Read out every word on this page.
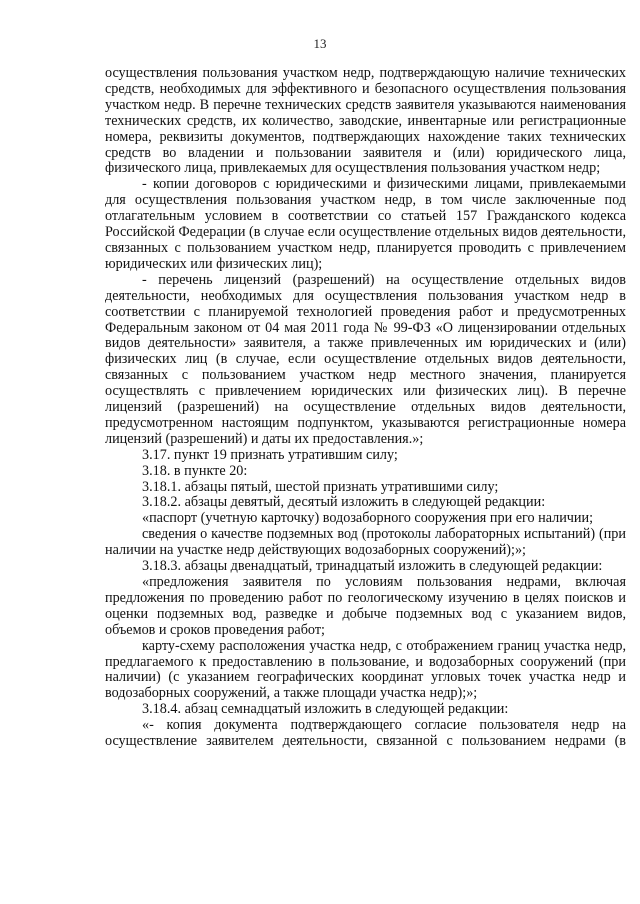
13

осуществления пользования участком недр, подтверждающую наличие технических средств, необходимых для эффективного и безопасного осуществления пользования участком недр. В перечне технических средств заявителя указываются наименования технических средств, их количество, заводские, инвентарные или регистрационные номера, реквизиты документов, подтверждающих нахождение таких технических средств во владении и пользовании заявителя и (или) юридического лица, физического лица, привлекаемых для осуществления пользования участком недр;

- копии договоров с юридическими и физическими лицами, привлекаемыми для осуществления пользования участком недр, в том числе заключенные под отлагательным условием в соответствии со статьей 157 Гражданского кодекса Российской Федерации (в случае если осуществление отдельных видов деятельности, связанных с пользованием участком недр, планируется проводить с привлечением юридических или физических лиц);

- перечень лицензий (разрешений) на осуществление отдельных видов деятельности, необходимых для осуществления пользования участком недр в соответствии с планируемой технологией проведения работ и предусмотренных Федеральным законом от 04 мая 2011 года № 99-ФЗ «О лицензировании отдельных видов деятельности» заявителя, а также привлеченных им юридических и (или) физических лиц (в случае, если осуществление отдельных видов деятельности, связанных с пользованием участком недр местного значения, планируется осуществлять с привлечением юридических или физических лиц). В перечне лицензий (разрешений) на осуществление отдельных видов деятельности, предусмотренном настоящим подпунктом, указываются регистрационные номера лицензий (разрешений) и даты их предоставления.»;

3.17. пункт 19 признать утратившим силу;

3.18. в пункте 20:

3.18.1. абзацы пятый, шестой признать утратившими силу;

3.18.2. абзацы девятый, десятый изложить в следующей редакции:

«паспорт (учетную карточку) водозаборного сооружения при его наличии;

сведения о качестве подземных вод (протоколы лабораторных испытаний) (при наличии на участке недр действующих водозаборных сооружений);»;

3.18.3. абзацы двенадцатый, тринадцатый изложить в следующей редакции:

«предложения заявителя по условиям пользования недрами, включая предложения по проведению работ по геологическому изучению в целях поисков и оценки подземных вод, разведке и добыче подземных вод с указанием видов, объемов и сроков проведения работ;

карту-схему расположения участка недр, с отображением границ участка недр, предлагаемого к предоставлению в пользование, и водозаборных сооружений (при наличии) (с указанием географических координат угловых точек участка недр и водозаборных сооружений, а также площади участка недр);»;

3.18.4. абзац семнадцатый изложить в следующей редакции:

«- копия документа подтверждающего согласие пользователя недр на осуществление заявителем деятельности, связанной с пользованием недрами (в
